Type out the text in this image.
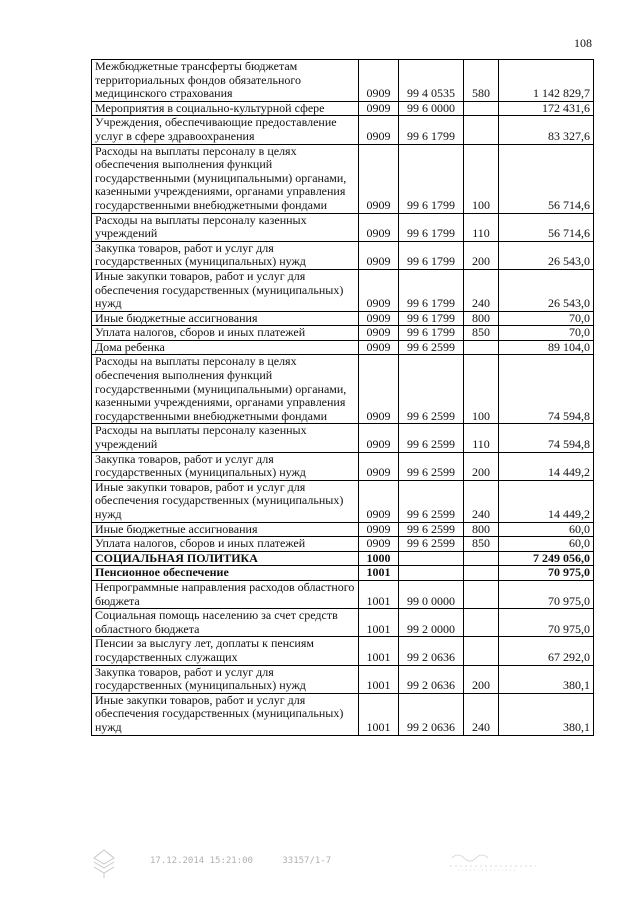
108
Межбюджетные трансферты бюджетам территориальных фондов обязательного медицинского страхования	0909	99 4 0535	580	1 142 829,7
Мероприятия в социально-культурной сфере	0909	99 6 0000		172 431,6
Учреждения, обеспечивающие предоставление услуг в сфере здравоохранения	0909	99 6 1799		83 327,6
Расходы на выплаты персоналу в целях обеспечения выполнения функций государственными (муниципальными) органами, казенными учреждениями, органами управления государственными внебюджетными фондами	0909	99 6 1799	100	56 714,6
Расходы на выплаты персоналу казенных учреждений	0909	99 6 1799	110	56 714,6
Закупка товаров, работ и услуг для государственных (муниципальных) нужд	0909	99 6 1799	200	26 543,0
Иные закупки товаров, работ и услуг для обеспечения государственных (муниципальных) нужд	0909	99 6 1799	240	26 543,0
Иные бюджетные ассигнования	0909	99 6 1799	800	70,0
Уплата налогов, сборов и иных платежей	0909	99 6 1799	850	70,0
Дома ребенка	0909	99 6 2599		89 104,0
Расходы на выплаты персоналу в целях обеспечения выполнения функций государственными (муниципальными) органами, казенными учреждениями, органами управления государственными внебюджетными фондами	0909	99 6 2599	100	74 594,8
Расходы на выплаты персоналу казенных учреждений	0909	99 6 2599	110	74 594,8
Закупка товаров, работ и услуг для государственных (муниципальных) нужд	0909	99 6 2599	200	14 449,2
Иные закупки товаров, работ и услуг для обеспечения государственных (муниципальных) нужд	0909	99 6 2599	240	14 449,2
Иные бюджетные ассигнования	0909	99 6 2599	800	60,0
Уплата налогов, сборов и иных платежей	0909	99 6 2599	850	60,0
СОЦИАЛЬНАЯ ПОЛИТИКА	1000			7 249 056,0
Пенсионное обеспечение	1001			70 975,0
Непрограммные направления расходов областного бюджета	1001	99 0 0000		70 975,0
Социальная помощь населению за счет средств областного бюджета	1001	99 2 0000		70 975,0
Пенсии за выслугу лет, доплаты к пенсиям государственных служащих	1001	99 2 0636		67 292,0
Закупка товаров, работ и услуг для государственных (муниципальных) нужд	1001	99 2 0636	200	380,1
Иные закупки товаров, работ и услуг для обеспечения государственных (муниципальных) нужд	1001	99 2 0636	240	380,1
17.12.2014 15:21:00	33157/1-7
